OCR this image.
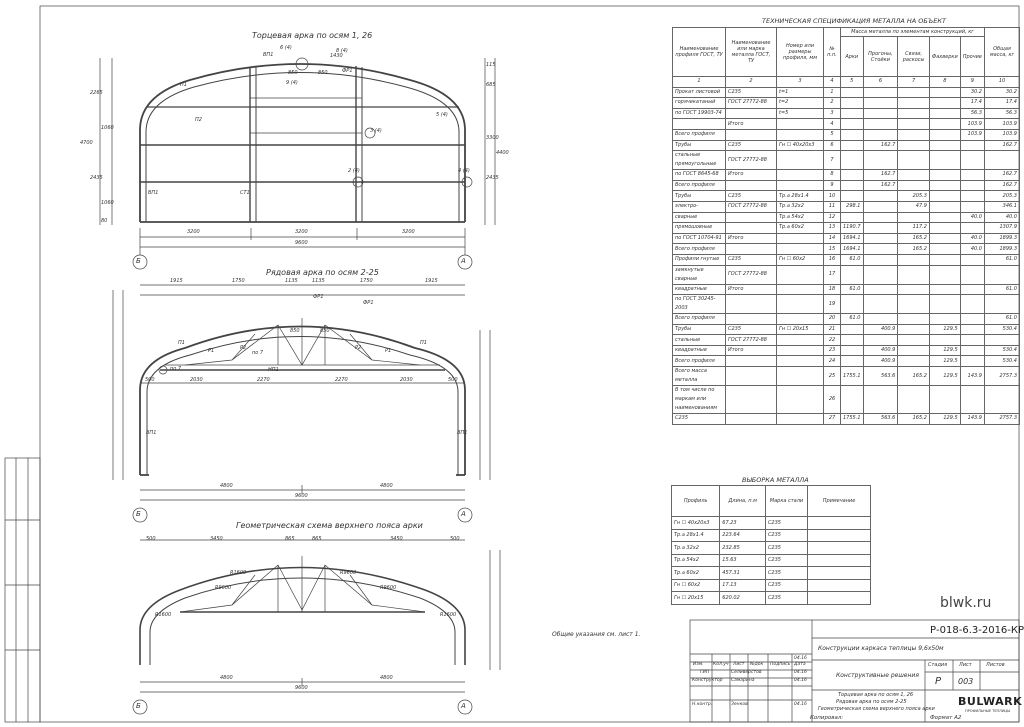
Торцевая арка по осям 1, 26
Рядовая арка по осям 2-25
Геометрическая схема верхнего пояса арки
3200	3200	3200
9600
2265
4700
1060
2435
1060
80
115
685
3300
4400
2435
ВП1
П1
П2
ВП1	СТ1
ФР1
6 (4)	8 (4)
9 (4)
850	850
1430
3 (4)
2 (4)	4 (4)
5 (4)
Б	А
1915	1750	1135	1135	1750	1915
500	2030	2270	2270	2030	500
4800	4800
9600
П1	П1
ВП1	ВП1
Р1	Р1
Р2	Р2
ФР1
ФР1
НП1
по 7
по 7
850	850
Б	А
500	3450	865	865	3450	500
R1600	R1600
R9600	R9600
R1600	R9600
4800	4800
9600
Б	А
Общие указания см. лист 1.
ТЕХНИЧЕСКАЯ СПЕЦИФИКАЦИЯ МЕТАЛЛА НА ОБЪЕКТ
Наименование профиля ГОСТ, ТУ	Наименование или марка металла ГОСТ, ТУ	Номер или размеры профиля, мм	№ п.п.	Масса металла по элементам конструкций, кг					Общая масса, кг
				Арки	Прогоны, Стойки	Связи, раскосы	Фахверки	Прочие	
1	2	3	4	5	6	7	8	9	10
Прокат листовой	С235	t=1	1					30.2	30.2
горячекатаный	ГОСТ 27772-88	t=2	2					17.4	17.4
по ГОСТ 19903-74		t=5	3					56.3	56.3
	Итого		4					103.9	103.9
Всего профиля			5					103.9	103.9
Трубы	С235	Гн ☐ 40х20х3	6		162.7				162.7
стальные прямоугольные	ГОСТ 27772-88		7						
по ГОСТ 8645-68	Итого		8		162.7				162.7
Всего профиля			9		162.7				162.7
Трубы	С235	Тр.⌀ 28х1.4	10			205.3			205.3
электро-	ГОСТ 27772-88	Тр.⌀ 32х2	11	298.1		47.9			346.1
сварные		Тр.⌀ 54х2	12					40.0	40.0
прямошовные		Тр.⌀ 60х2	13	1190.7		117.2			1307.9
по ГОСТ 10704-91	Итого		14	1694.1		165.2		40.0	1899.3
Всего профиля			15	1694.1		165.2		40.0	1899.3
Профили гнутые	С235	Гн ☐ 60х2	16	61.0					61.0
замкнутые сварные	ГОСТ 27772-88		17						
квадратные	Итого		18	61.0					61.0
по ГОСТ 30245-2003			19						
Всего профиля			20	61.0					61.0
Трубы	С235	Гн ☐ 20х15	21		400.9		129.5		530.4
стальные	ГОСТ 27772-88		22						
квадратные	Итого		23		400.9		129.5		530.4
Всего профиля			24		400.9		129.5		530.4
Всего масса металла			25	1755.1	563.6	165.2	129.5	143.9	2757.3
В том числе по маркам или наименованиям			26						
С235			27	1755.1	563.6	165.2	129.5	143.9	2757.3
ВЫБОРКА МЕТАЛЛА
Профиль	Длина, п.м	Марка стали	Примечание
Гн ☐ 40х20х3	67.23	С235	
Тр.⌀ 28х1.4	223.64	С235	
Тр.⌀ 32х2	232.85	С235	
Тр.⌀ 54х2	15.63	С235	
Тр.⌀ 60х2	457.31	С235	
Гн ☐ 60х2	17.13	С235	
Гн ☐ 20х15	620.02	С235		blwk.ru
Р-018-6.3-2016-КР
Конструкции каркаса теплицы 9,6х50м
Конструктивные решения
Изм. Кол.уч Лист №док Подпись Дата
04.16
ГИП	Селиверстов	04.16
Конструктор Самарина	04.16
Н.контр.	Зенков	04.16
Стадия Лист	Листов
Р 003
Торцевая арка по осям 1, 26
Рядовая арка по осям 2-25
Геометрическая схема верхнего пояса арки
BULWARK
ПРОФИЛЬНЫЕ ТЕПЛИЦЫ
Копировал:	Формат А2
